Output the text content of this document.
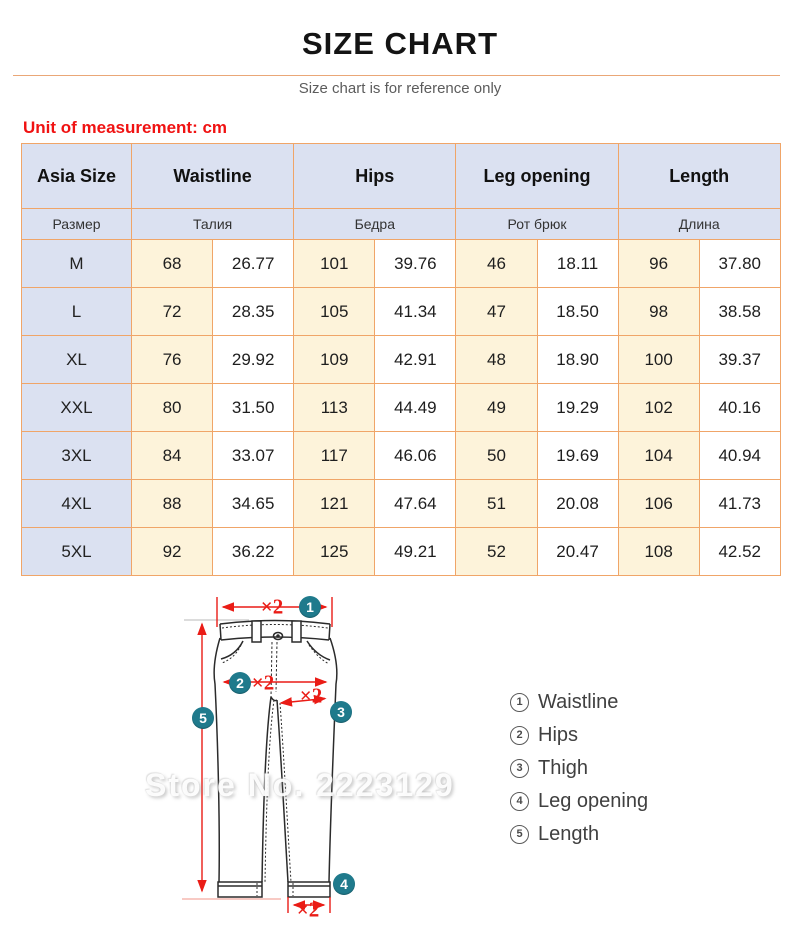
SIZE CHART
Size chart is for reference only
Unit of measurement: cm
Asia Size	Waistline		Hips		Leg opening		Length	
Размер	Талия		Бедра		Рот брюк		Длина	
M	68	26.77	101	39.76	46	18.11	96	37.80
L	72	28.35	105	41.34	47	18.50	98	38.58
XL	76	29.92	109	42.91	48	18.90	100	39.37
XXL	80	31.50	113	44.49	49	19.29	102	40.16
3XL	84	33.07	117	46.06	50	19.69	104	40.94
4XL	88	34.65	121	47.64	51	20.08	106	41.73
5XL	92	36.22	125	49.21	52	20.47	108	42.52
Store No. 2223129
1
2
3
4
5
×2
×2
×2
×2
1 Waistline
2 Hips
3 Thigh
4 Leg opening
5 Length
